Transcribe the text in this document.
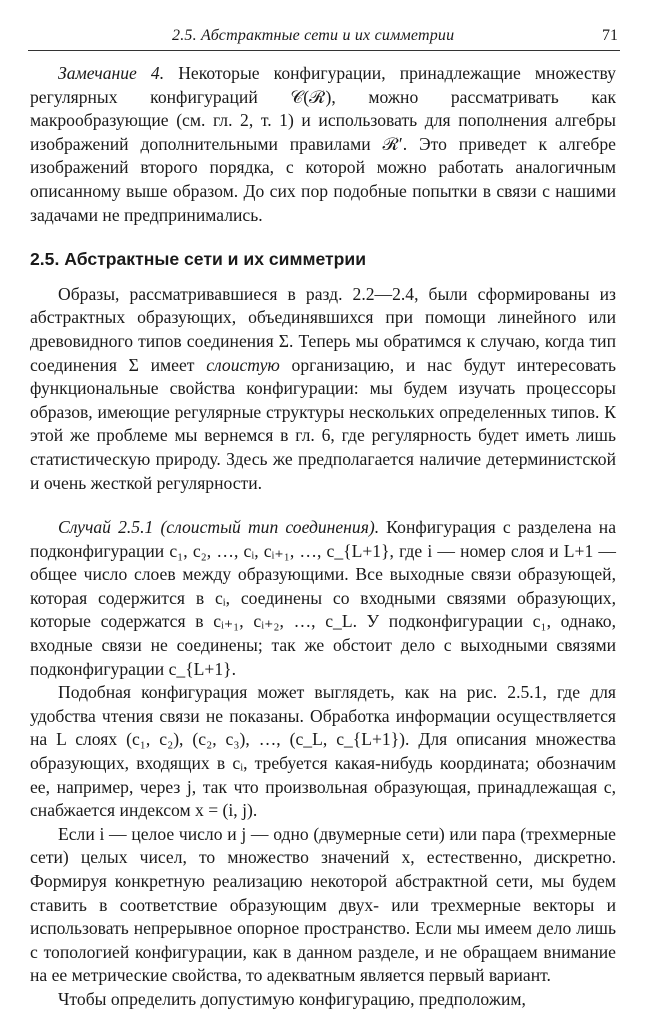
2.5. Абстрактные сети и их симметрии	71

Замечание 4. Некоторые конфигурации, принадлежащие множеству регулярных конфигураций 𝒞(ℛ), можно рассматривать как макрообразующие (см. гл. 2, т. 1) и использовать для пополнения алгебры изображений дополнительными правилами ℛ′. Это приведет к алгебре изображений второго порядка, с которой можно работать аналогичным описанному выше образом. До сих пор подобные попытки в связи с нашими задачами не предпринимались.

2.5. Абстрактные сети и их симметрии

Образы, рассматривавшиеся в разд. 2.2—2.4, были сформированы из абстрактных образующих, объединявшихся при помощи линейного или древовидного типов соединения Σ. Теперь мы обратимся к случаю, когда тип соединения Σ имеет слоистую организацию, и нас будут интересовать функциональные свойства конфигурации: мы будем изучать процессоры образов, имеющие регулярные структуры нескольких определенных типов. К этой же проблеме мы вернемся в гл. 6, где регулярность будет иметь лишь статистическую природу. Здесь же предполагается наличие детерминистской и очень жесткой регулярности.

Случай 2.5.1 (слоистый тип соединения). Конфигурация c разделена на подконфигурации c₁, c₂, …, cᵢ, cᵢ₊₁, …, c_{L+1}, где i — номер слоя и L+1 — общее число слоев между образующими. Все выходные связи образующей, которая содержится в cᵢ, соединены со входными связями образующих, которые содержатся в cᵢ₊₁, cᵢ₊₂, …, c_L. У подконфигурации c₁, однако, входные связи не соединены; так же обстоит дело с выходными связями подконфигурации c_{L+1}.

Подобная конфигурация может выглядеть, как на рис. 2.5.1, где для удобства чтения связи не показаны. Обработка информации осуществляется на L слоях (c₁, c₂), (c₂, c₃), …, (c_L, c_{L+1}). Для описания множества образующих, входящих в cᵢ, требуется какая-нибудь координата; обозначим ее, например, через j, так что произвольная образующая, принадлежащая c, снабжается индексом x = (i, j).

Если i — целое число и j — одно (двумерные сети) или пара (трехмерные сети) целых чисел, то множество значений x, естественно, дискретно. Формируя конкретную реализацию некоторой абстрактной сети, мы будем ставить в соответствие образующим двух- или трехмерные векторы и использовать непрерывное опорное пространство. Если мы имеем дело лишь с топологией конфигурации, как в данном разделе, и не обращаем внимание на ее метрические свойства, то адекватным является первый вариант.

Чтобы определить допустимую конфигурацию, предположим,
